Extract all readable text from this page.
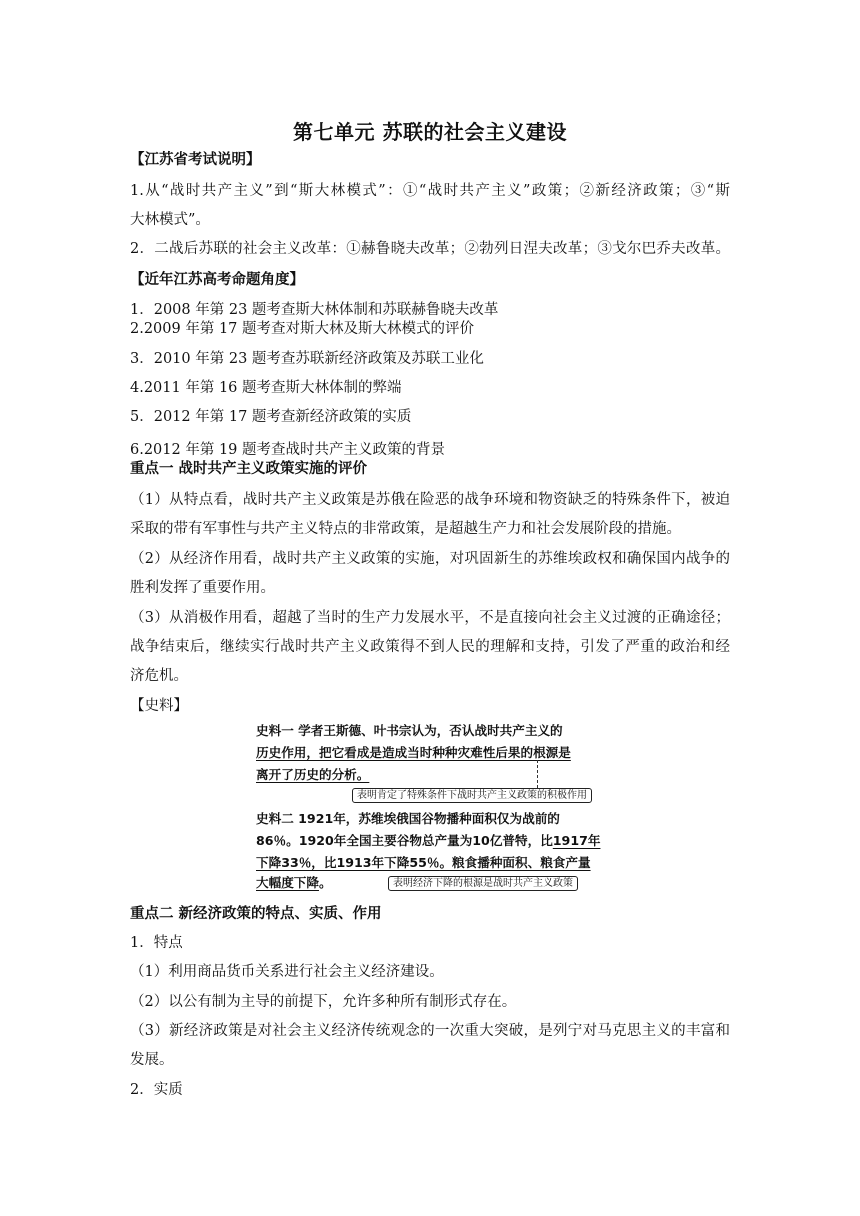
第七单元 苏联的社会主义建设
【江苏省考试说明】
1.从“战时共产主义”到“斯大林模式”：①“战时共产主义”政策；②新经济政策；③“斯
大林模式”。
2．二战后苏联的社会主义改革：①赫鲁晓夫改革；②勃列日涅夫改革；③戈尔巴乔夫改革。
【近年江苏高考命题角度】
1．2008 年第 23 题考查斯大林体制和苏联赫鲁晓夫改革
2.2009 年第 17 题考查对斯大林及斯大林模式的评价
3．2010 年第 23 题考查苏联新经济政策及苏联工业化
4.2011 年第 16 题考查斯大林体制的弊端
5．2012 年第 17 题考查新经济政策的实质
6.2012 年第 19 题考查战时共产主义政策的背景
重点一 战时共产主义政策实施的评价
（1）从特点看，战时共产主义政策是苏俄在险恶的战争环境和物资缺乏的特殊条件下，被迫
采取的带有军事性与共产主义特点的非常政策，是超越生产力和社会发展阶段的措施。
（2）从经济作用看，战时共产主义政策的实施，对巩固新生的苏维埃政权和确保国内战争的
胜利发挥了重要作用。
（3）从消极作用看，超越了当时的生产力发展水平，不是直接向社会主义过渡的正确途径；
战争结束后，继续实行战时共产主义政策得不到人民的理解和支持，引发了严重的政治和经
济危机。
【史料】
史料一 学者王斯德、叶书宗认为，否认战时共产主义的
历史作用，把它看成是造成当时种种灾难性后果的根源是
离开了历史的分析。
表明肯定了特殊条件下战时共产主义政策的积极作用
史料二 1921年，苏维埃俄国谷物播种面积仅为战前的
86％。1920年全国主要谷物总产量为10亿普特，比1917年
下降33％，比1913年下降55％。粮食播种面积、粮食产量
大幅度下降。	表明经济下降的根源是战时共产主义政策
重点二 新经济政策的特点、实质、作用
1．特点
（1）利用商品货币关系进行社会主义经济建设。
（2）以公有制为主导的前提下，允许多种所有制形式存在。
（3）新经济政策是对社会主义经济传统观念的一次重大突破，是列宁对马克思主义的丰富和
发展。
2．实质
